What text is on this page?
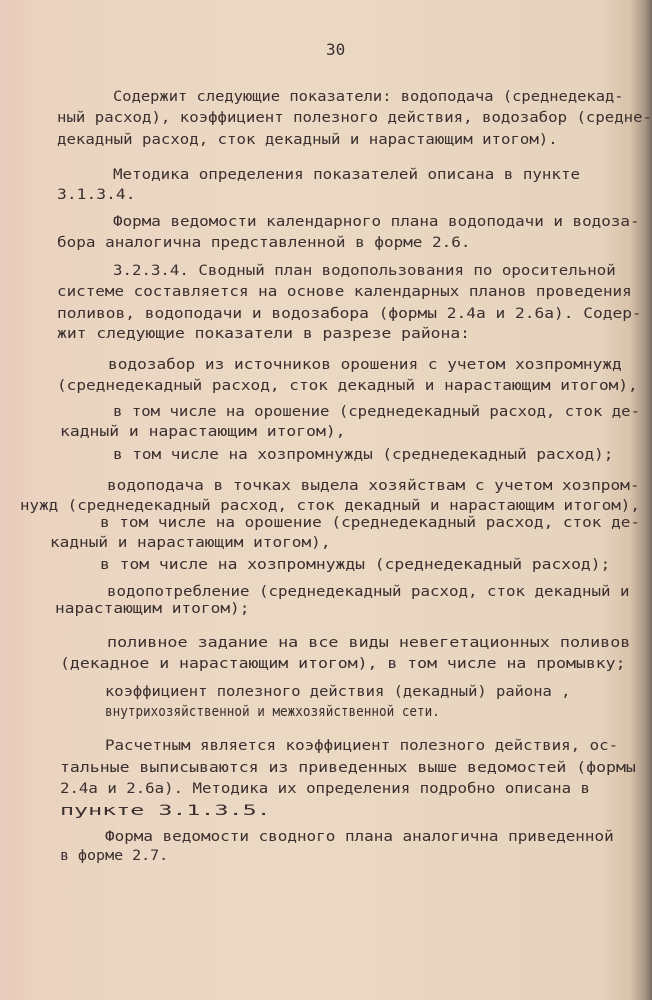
30
Содержит следующие показатели: водоподача (среднедекад-
ный расход), коэффициент полезного действия, водозабор (средне-
декадный расход, сток декадный и нарастающим итогом).
Методика определения показателей описана в пункте
3.1.3.4.
Форма ведомости календарного плана водоподачи и водоза-
бора аналогична представленной в форме 2.6.
3.2.3.4. Сводный план водопользования по оросительной
системе составляется на основе календарных планов проведения
поливов, водоподачи и водозабора (формы 2.4а и 2.6а). Содер-
жит следующие показатели в разрезе района:
водозабор из источников орошения с учетом хозпромнужд
(среднедекадный расход, сток декадный и нарастающим итогом),
в том числе на орошение (среднедекадный расход, сток де-
кадный и нарастающим итогом),
в том числе на хозпромнужды (среднедекадный расход);
водоподача в точках выдела хозяйствам с учетом хозпром-
нужд (среднедекадный расход, сток декадный и нарастающим итогом),
в том числе на орошение (среднедекадный расход, сток де-
кадный и нарастающим итогом),
в том числе на хозпромнужды (среднедекадный расход);
водопотребление (среднедекадный расход, сток декадный и
нарастающим итогом);
поливное задание на все виды невегетационных поливов
(декадное и нарастающим итогом), в том числе на промывку;
коэффициент полезного действия (декадный) района ,
внутрихозяйственной и межхозяйственной сети.
Расчетным является коэффициент полезного действия, ос-
тальные выписываются из приведенных выше ведомостей (формы
2.4а и 2.6а). Методика их определения подробно описана в
пункте 3.1.3.5.
Форма ведомости сводного плана аналогична приведенной
в форме 2.7.
